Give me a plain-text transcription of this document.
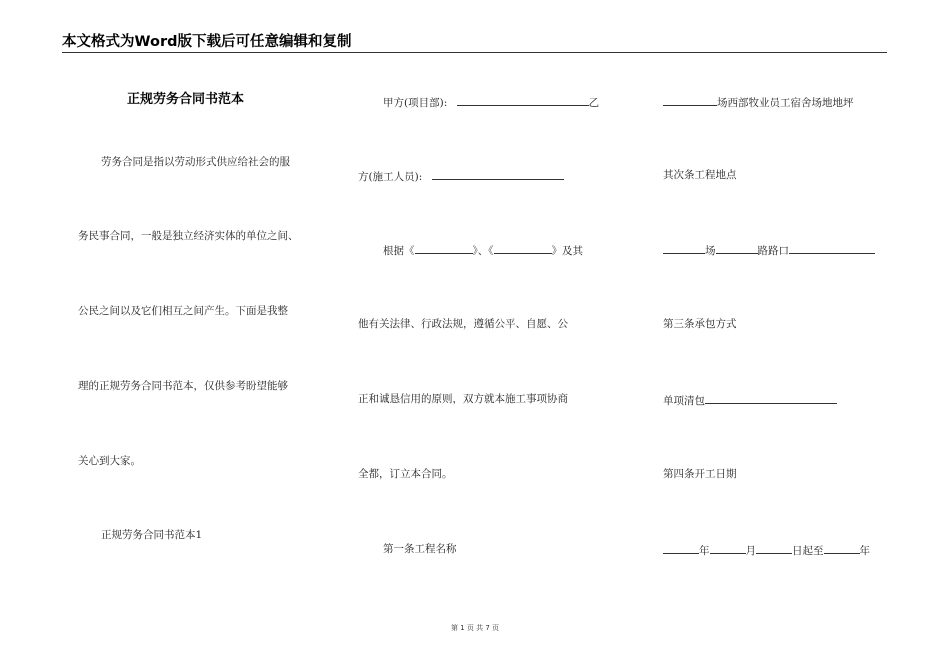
本文格式为Word版下载后可任意编辑和复制
正规劳务合同书范本
劳务合同是指以劳动形式供应给社会的服
务民事合同，一般是独立经济实体的单位之间、
公民之间以及它们相互之间产生。下面是我整
理的正规劳务合同书范本，仅供参考盼望能够
关心到大家。
正规劳务合同书范本1
甲方(项目部):	乙
方(施工人员):
根据《	》、《	》及其
他有关法律、行政法规，遵循公平、自愿、公
正和诚恳信用的原则，双方就本施工事项协商
全都，订立本合同。
第一条工程名称
场西部牧业员工宿舍场地地坪
其次条工程地点
场	路路口
第三条承包方式
单项清包
第四条开工日期
年	月	日起至	年
第 1 页 共 7 页
